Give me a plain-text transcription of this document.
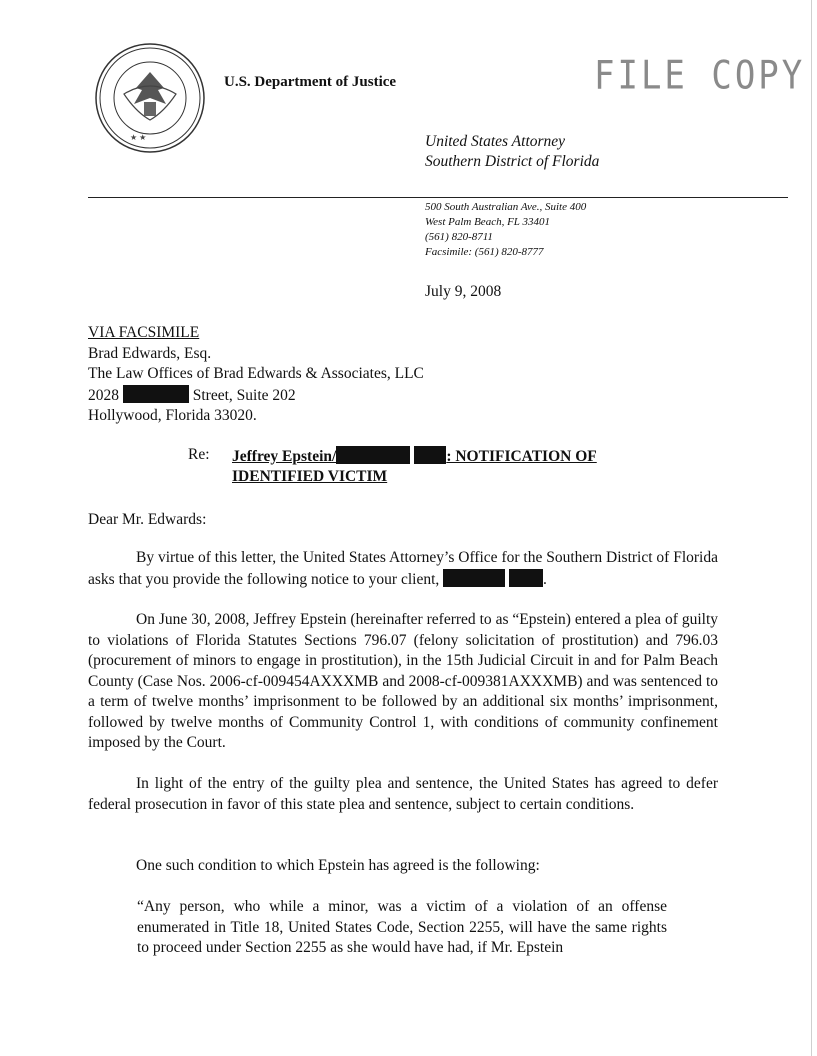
★ ★
U.S. Department of Justice	FILE COPY
United States Attorney
Southern District of Florida
500 South Australian Ave., Suite 400
West Palm Beach, FL 33401
(561) 820-8711
Facsimile: (561) 820-8777
July 9, 2008
VIA FACSIMILE
Brad Edwards, Esq.
The Law Offices of Brad Edwards & Associates, LLC
2028	Street, Suite 202
Hollywood, Florida 33020.
Re: Jeffrey Epstein/	: NOTIFICATION OF
IDENTIFIED VICTIM
Dear Mr. Edwards:
By virtue of this letter, the United States Attorney’s Office for the Southern District of Florida asks that you provide the following notice to your client,	.
On June 30, 2008, Jeffrey Epstein (hereinafter referred to as “Epstein) entered a plea of guilty to violations of Florida Statutes Sections 796.07 (felony solicitation of prostitution) and 796.03 (procurement of minors to engage in prostitution), in the 15th Judicial Circuit in and for Palm Beach County (Case Nos. 2006-cf-009454AXXXMB and 2008-cf-009381AXXXMB) and was sentenced to a term of twelve months’ imprisonment to be followed by an additional six months’ imprisonment, followed by twelve months of Community Control 1, with conditions of community confinement imposed by the Court.
In light of the entry of the guilty plea and sentence, the United States has agreed to defer federal prosecution in favor of this state plea and sentence, subject to certain conditions.
One such condition to which Epstein has agreed is the following:
“Any person, who while a minor, was a victim of a violation of an offense enumerated in Title 18, United States Code, Section 2255, will have the same rights to proceed under Section 2255 as she would have had, if Mr. Epstein
